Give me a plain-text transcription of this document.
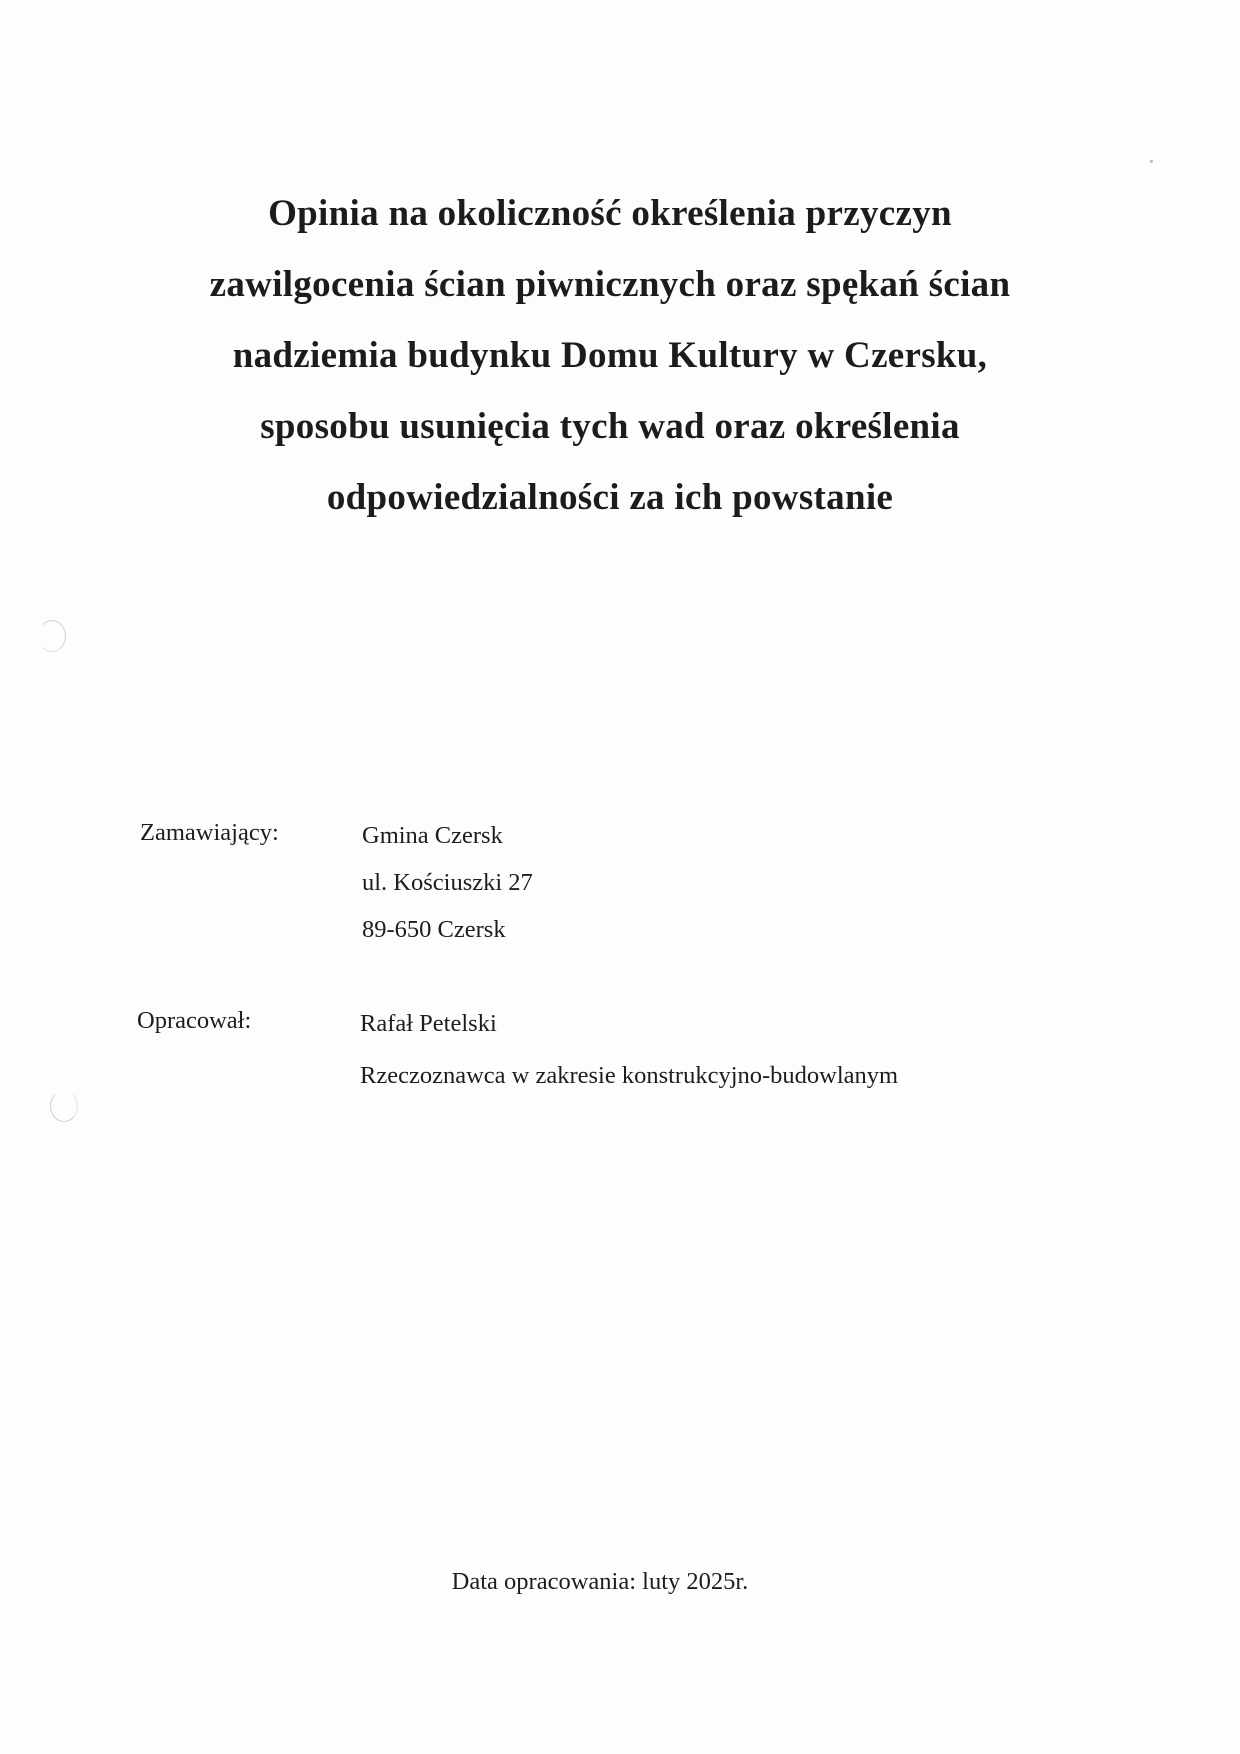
Opinia na okoliczność określenia przyczyn
zawilgocenia ścian piwnicznych oraz spękań ścian
nadziemia budynku Domu Kultury w Czersku,
sposobu usunięcia tych wad oraz określenia
odpowiedzialności za ich powstanie
Zamawiający:	Gmina Czersk
ul. Kościuszki 27
89-650 Czersk
Opracował:	Rafał Petelski
Rzeczoznawca w zakresie konstrukcyjno-budowlanym
Data opracowania: luty 2025r.
